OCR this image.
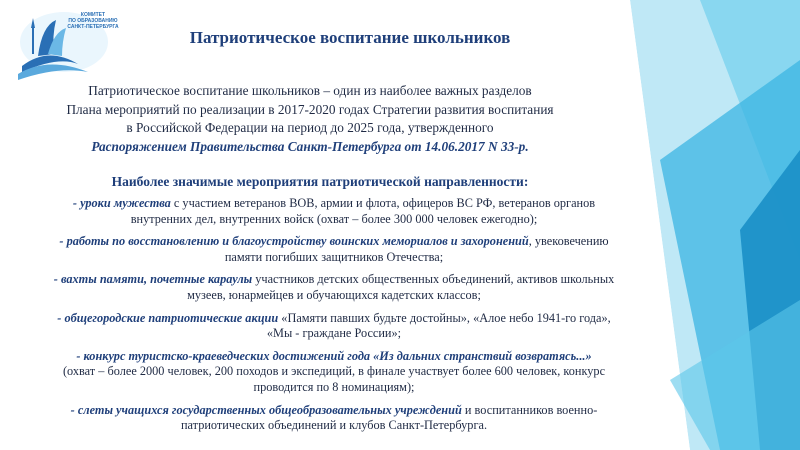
КОМИТЕТ
ПО ОБРАЗОВАНИЮ
САНКТ-ПЕТЕРБУРГА
Патриотическое воспитание школьников
Патриотическое воспитание школьников – один из наиболее важных разделов
Плана мероприятий по реализации в 2017-2020 годах Стратегии развития воспитания
в Российской Федерации на период до 2025 года, утвержденного
Распоряжением Правительства Санкт-Петербурга от 14.06.2017 N 33-р.
Наиболее значимые мероприятия патриотической направленности:
- уроки мужества с участием ветеранов ВОВ, армии и флота, офицеров ВС РФ, ветеранов органов
внутренних дел, внутренних войск (охват – более 300 000 человек ежегодно);
- работы по восстановлению и благоустройству воинских мемориалов и захоронений, увековечению
памяти погибших защитников Отечества;
- вахты памяти, почетные караулы участников детских общественных объединений, активов школьных
музеев, юнармейцев и обучающихся кадетских классов;
- общегородские патриотические акции «Памяти павших будьте достойны», «Алое небо 1941-го года»,
«Мы - граждане России»;
- конкурс туристско-краеведческих достижений года «Из дальних странствий возвратясь...»
(охват – более 2000 человек, 200 походов и экспедиций, в финале участвует более 600 человек, конкурс
проводится по 8 номинациям);
- слеты учащихся государственных общеобразовательных учреждений и воспитанников военно-
патриотических объединений и клубов Санкт-Петербурга.
